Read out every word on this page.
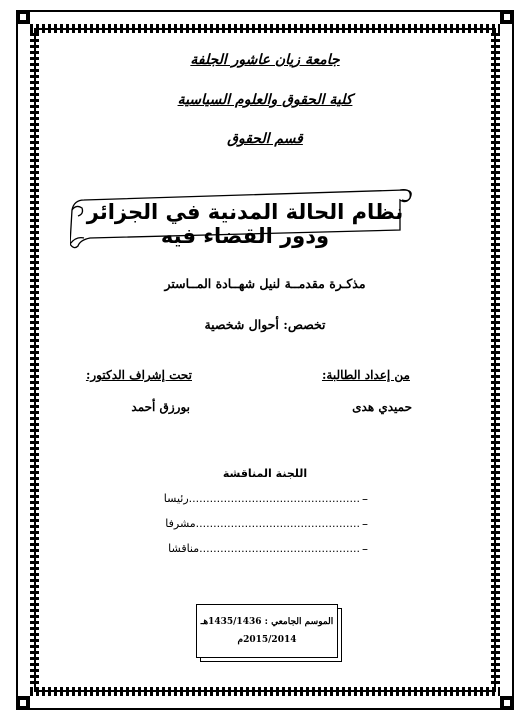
جامعة زيان عاشور الجلفة
كلية الحقوق والعلوم السياسية
قسم الحقوق
نظام الحالة المدنية في الجزائر ودور القضاء فيه
مذكـرة مقدمــة لنيل شهــادة المــاستر
تخصص: أحوال شخصية
من إعداد الطالبة:
حميدي هدى
تحت إشراف الدكتور:
بورزق أحمد
اللجنة المناقشة
–
.................................................رئيسا
–
...............................................مشرفا
–
..............................................مناقشا
الموسم الجامعي : 1435/1436هـ
2015/2014م
